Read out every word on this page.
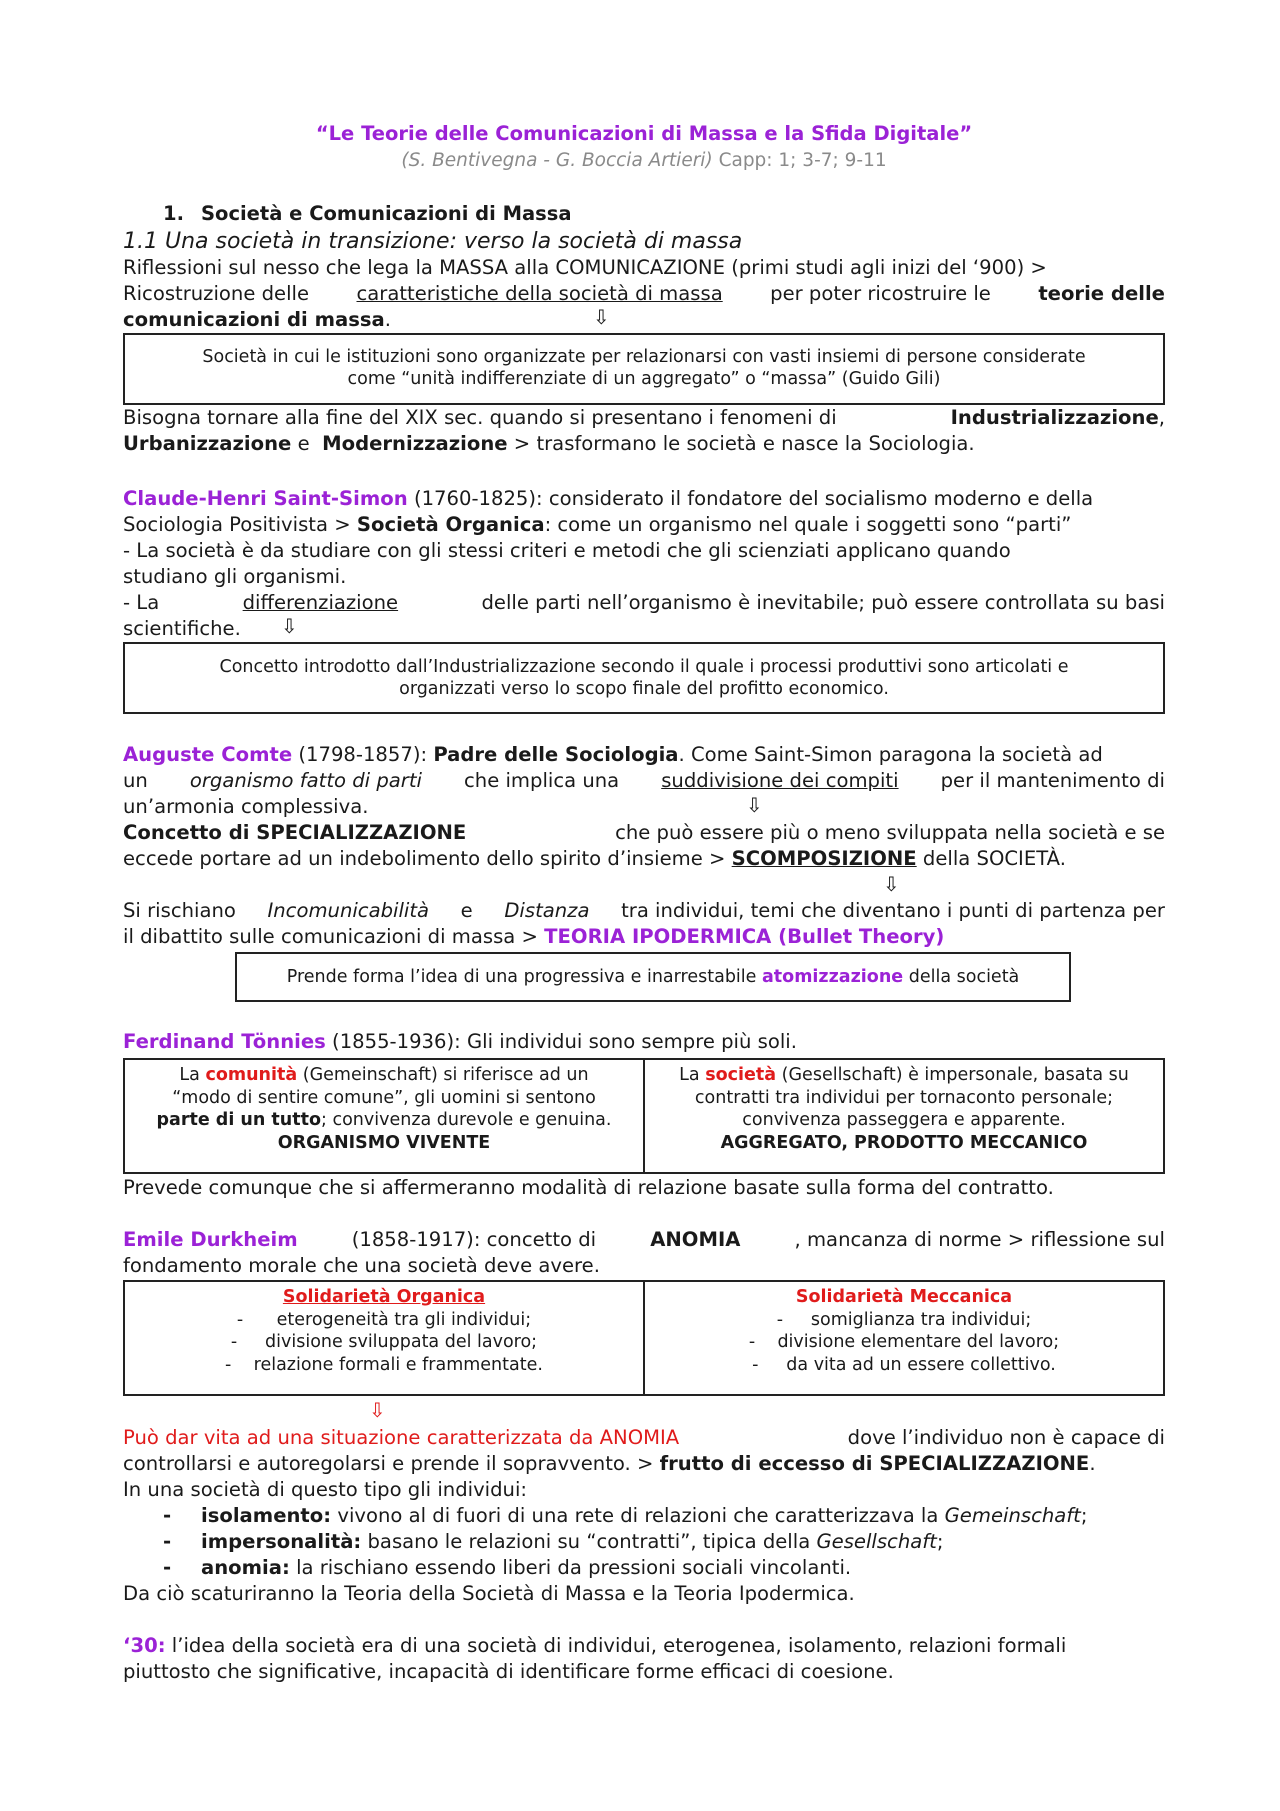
“Le Teorie delle Comunicazioni di Massa e la Sfida Digitale”
(S. Bentivegna - G. Boccia Artieri) Capp: 1; 3-7; 9-11
1. Società e Comunicazioni di Massa
1.1 Una società in transizione: verso la società di massa
Riflessioni sul nesso che lega la MASSA alla COMUNICAZIONE (primi studi agli inizi del ‘900) >
Ricostruzione delle caratteristiche della società di massa per poter ricostruire le teorie delle
comunicazioni di massa.	⇩
Società in cui le istituzioni sono organizzate per relazionarsi con vasti insiemi di persone considerate
come “unità indifferenziate di un aggregato” o “massa” (Guido Gili)
Bisogna tornare alla fine del XIX sec. quando si presentano i fenomeni di	Industrializzazione,
Urbanizzazione e Modernizzazione > trasformano le società e nasce la Sociologia.
Claude-Henri Saint-Simon (1760-1825): considerato il fondatore del socialismo moderno e della
Sociologia Positivista > Società Organica: come un organismo nel quale i soggetti sono “parti”
- La società è da studiare con gli stessi criteri e metodi che gli scienziati applicano quando
studiano gli organismi.
- La	differenziazione	delle parti nell’organismo è inevitabile; può essere controllata su basi
scientifiche.	⇩
Concetto introdotto dall’Industrializzazione secondo il quale i processi produttivi sono articolati e
organizzati verso lo scopo finale del profitto economico.
Auguste Comte (1798-1857): Padre delle Sociologia. Come Saint-Simon paragona la società ad
un organismo fatto di parti che implica una suddivisione dei compiti per il mantenimento di
un’armonia complessiva.
Concetto di SPECIALIZZAZIONE	che può essere più o meno sviluppata nella società e se
eccede portare ad un indebolimento dello spirito d’insieme > SCOMPOSIZIONE della SOCIETÀ.
⇩
⇩
Si rischiano Incomunicabilità e Distanza tra individui, temi che diventano i punti di partenza per
il dibattito sulle comunicazioni di massa > TEORIA IPODERMICA (Bullet Theory)
Prende forma l’idea di una progressiva e inarrestabile atomizzazione della società
Ferdinand Tönnies (1855-1936): Gli individui sono sempre più soli.
La comunità (Gemeinschaft) si riferisce ad un
“modo di sentire comune”, gli uomini si sentono
parte di un tutto; convivenza durevole e genuina.
ORGANISMO VIVENTE
La società (Gesellschaft) è impersonale, basata su
contratti tra individui per tornaconto personale;
convivenza passeggera e apparente.
AGGREGATO, PRODOTTO MECCANICO
Prevede comunque che si affermeranno modalità di relazione basate sulla forma del contratto.
Emile Durkheim	(1858-1917): concetto di	ANOMIA	, mancanza di norme > riflessione sul
fondamento morale che una società deve avere.
Solidarietà Organica
- eterogeneità tra gli individui;
- divisione sviluppata del lavoro;
- relazione formali e frammentate.
Solidarietà Meccanica
- somiglianza tra individui;
- divisione elementare del lavoro;
- da vita ad un essere collettivo.
⇩
Può dar vita ad una situazione caratterizzata da ANOMIA	dove l’individuo non è capace di
controllarsi e autoregolarsi e prende il sopravvento. > frutto di eccesso di SPECIALIZZAZIONE.
In una società di questo tipo gli individui:
- isolamento: vivono al di fuori di una rete di relazioni che caratterizzava la Gemeinschaft;
- impersonalità: basano le relazioni su “contratti”, tipica della Gesellschaft;
- anomia: la rischiano essendo liberi da pressioni sociali vincolanti.
Da ciò scaturiranno la Teoria della Società di Massa e la Teoria Ipodermica.
‘30: l’idea della società era di una società di individui, eterogenea, isolamento, relazioni formali
piuttosto che significative, incapacità di identificare forme efficaci di coesione.
